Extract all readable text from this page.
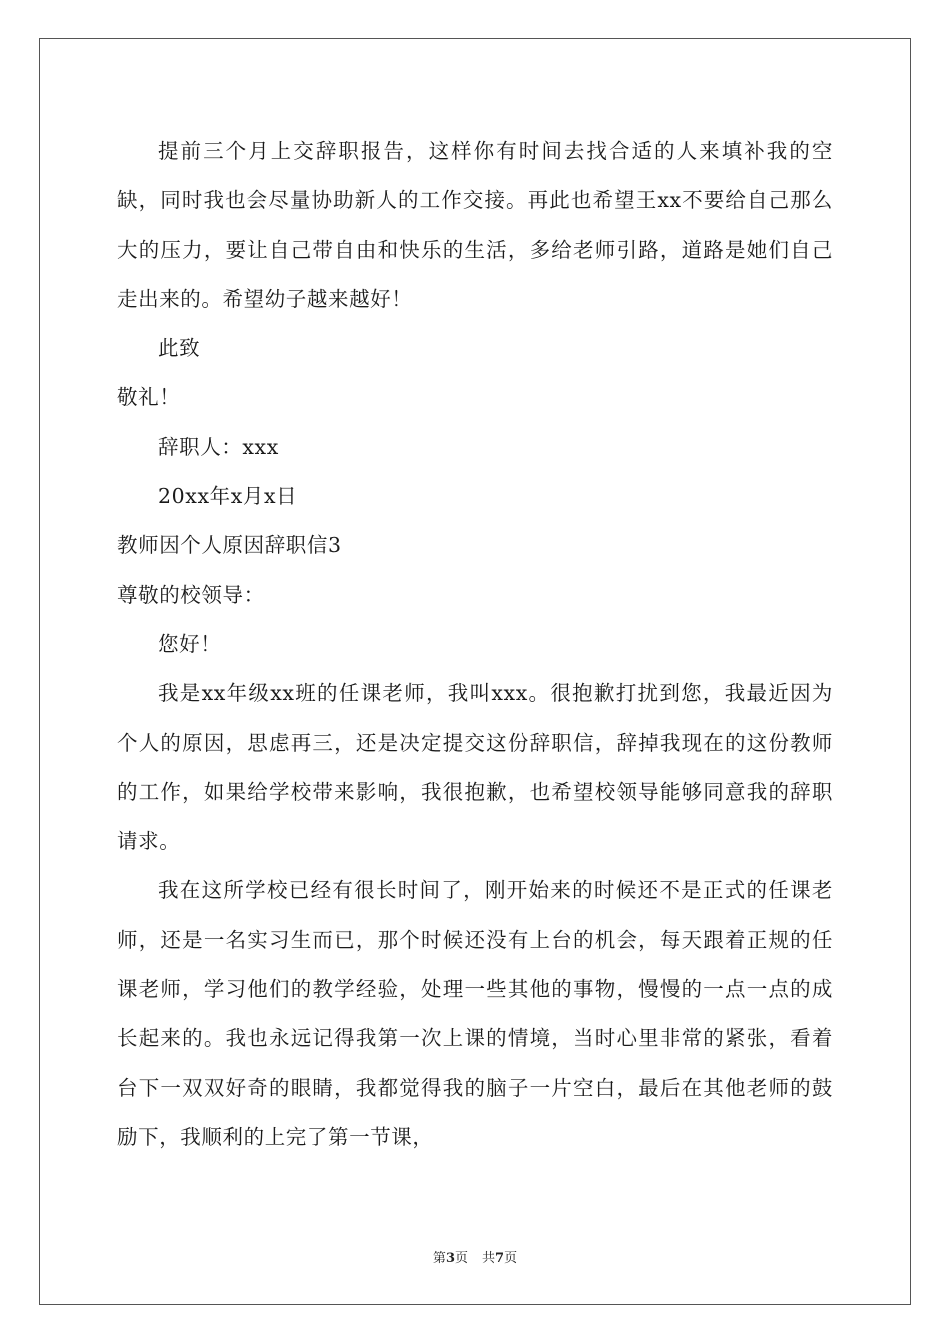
提前三个月上交辞职报告，这样你有时间去找合适的人来填补我的空缺，同时我也会尽量协助新人的工作交接。再此也希望王xx不要给自己那么大的压力，要让自己带自由和快乐的生活，多给老师引路，道路是她们自己走出来的。希望幼子越来越好！

此致

敬礼！

辞职人：xxx

20xx年x月x日

教师因个人原因辞职信3

尊敬的校领导：

您好！

我是xx年级xx班的任课老师，我叫xxx。很抱歉打扰到您，我最近因为个人的原因，思虑再三，还是决定提交这份辞职信，辞掉我现在的这份教师的工作，如果给学校带来影响，我很抱歉，也希望校领导能够同意我的辞职请求。

我在这所学校已经有很长时间了，刚开始来的时候还不是正式的任课老师，还是一名实习生而已，那个时候还没有上台的机会，每天跟着正规的任课老师，学习他们的教学经验，处理一些其他的事物，慢慢的一点一点的成长起来的。我也永远记得我第一次上课的情境，当时心里非常的紧张，看着台下一双双好奇的眼睛，我都觉得我的脑子一片空白，最后在其他老师的鼓励下，我顺利的上完了第一节课，

第3页 共7页
